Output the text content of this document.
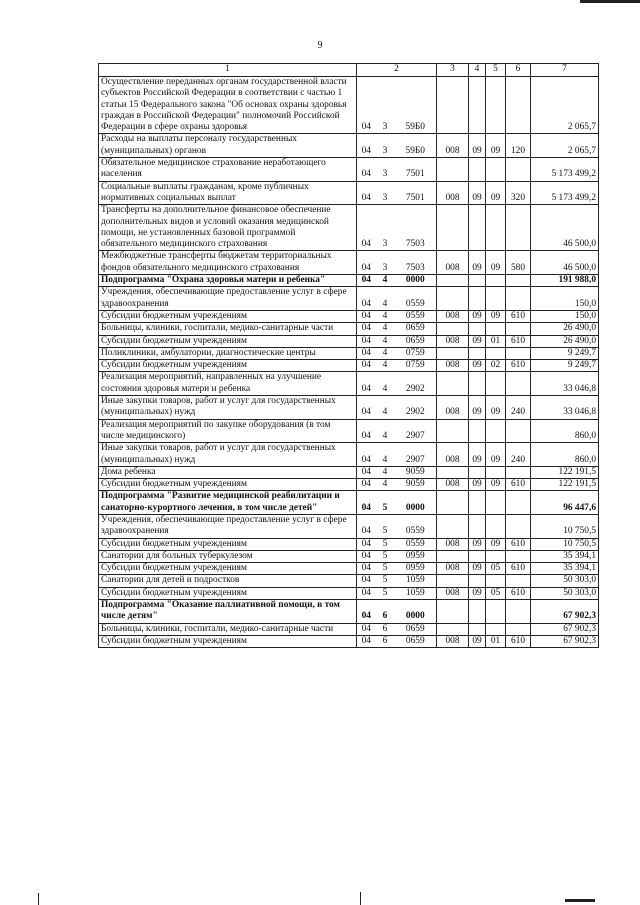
9
1	2			3	4	5	6	7
Осуществление переданных органам государственной власти субъектов Российской Федерации в соответствии с частью 1 статьи 15 Федерального закона "Об основах охраны здоровья граждан в Российской Федерации" полномочий Российской Федерации в сфере охраны здоровья	04	3	59Б0					2 065,7
Расходы на выплаты персоналу государственных (муниципальных) органов	04	3	59Б0	008	09	09	120	2 065,7
Обязательное медицинское страхование неработающего населения	04	3	7501					5 173 499,2
Социальные выплаты гражданам, кроме публичных нормативных социальных выплат	04	3	7501	008	09	09	320	5 173 499,2
Трансферты на дополнительное финансовое обеспечение дополнительных видов и условий оказания медицинской помощи, не установленных базовой программой обязательного медицинского страхования	04	3	7503					46 500,0
Межбюджетные трансферты бюджетам территориальных фондов обязательного медицинского страхования	04	3	7503	008	09	09	580	46 500,0
Подпрограмма "Охрана здоровья матери и ребенка"	04	4	0000					191 988,0
Учреждения, обеспечивающие предоставление услуг в сфере здравоохранения	04	4	0559					150,0
Субсидии бюджетным учреждениям	04	4	0559	008	09	09	610	150,0
Больницы, клиники, госпитали, медико-санитарные части	04	4	0659					26 490,0
Субсидии бюджетным учреждениям	04	4	0659	008	09	01	610	26 490,0
Поликлиники, амбулатории, диагностические центры	04	4	0759					9 249,7
Субсидии бюджетным учреждениям	04	4	0759	008	09	02	610	9 249,7
Реализация мероприятий, направленных на улучшение состояния здоровья матери и ребенка	04	4	2902					33 046,8
Иные закупки товаров, работ и услуг для государственных (муниципальных) нужд	04	4	2902	008	09	09	240	33 046,8
Реализация мероприятий по закупке оборудования (в том числе медицинского)	04	4	2907					860,0
Иные закупки товаров, работ и услуг для государственных (муниципальных) нужд	04	4	2907	008	09	09	240	860,0
Дома ребенка	04	4	9059					122 191,5
Субсидии бюджетным учреждениям	04	4	9059	008	09	09	610	122 191,5
Подпрограмма "Развитие медицинской реабилитации и санаторно-курортного лечения, в том числе детей"	04	5	0000					96 447,6
Учреждения, обеспечивающие предоставление услуг в сфере здравоохранения	04	5	0559					10 750,5
Субсидии бюджетным учреждениям	04	5	0559	008	09	09	610	10 750,5
Санатории для больных туберкулезом	04	5	0959					35 394,1
Субсидии бюджетным учреждениям	04	5	0959	008	09	05	610	35 394,1
Санатории для детей и подростков	04	5	1059					50 303,0
Субсидии бюджетным учреждениям	04	5	1059	008	09	05	610	50 303,0
Подпрограмма "Оказание паллиативной помощи, в том числе детям"	04	6	0000					67 902,3
Больницы, клиники, госпитали, медико-санитарные части	04	6	0659					67 902,3
Субсидии бюджетным учреждениям	04	6	0659	008	09	01	610	67 902,3
